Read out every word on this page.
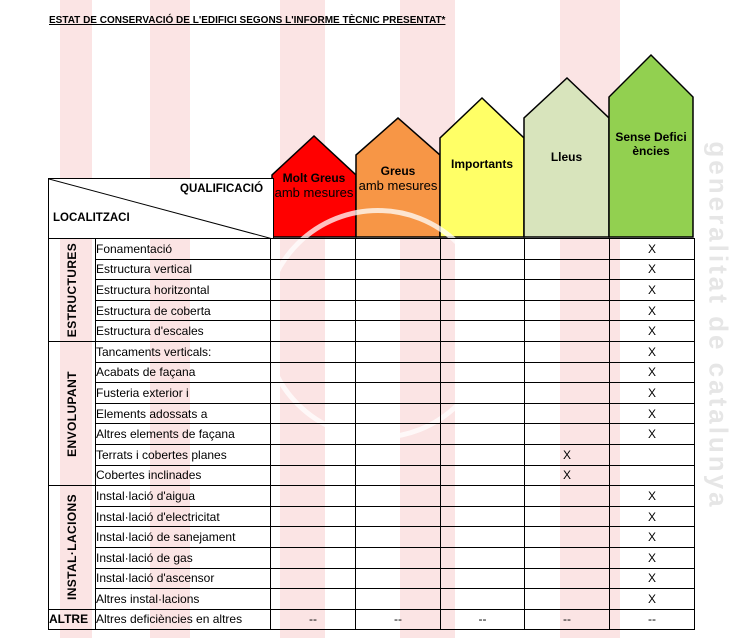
generalitat de catalunya
ESTAT DE CONSERVACIÓ DE L'EDIFICI SEGONS L'INFORME TÈCNIC PRESENTAT*
Molt Greus
amb mesures
Greus
amb mesures
Importants	Lleus
Sense Deficiències
QUALIFICACIÓ
LOCALITZACI
ESTRUCTURES	Fonamentació					X
	Estructura vertical					X
	Estructura horitzontal					X
	Estructura de coberta					X
	Estructura d'escales					X

ENVOLUPANT	Tancaments verticals:					X
	Acabats de façana					X
	Fusteria exterior i					X
	Elements adossats a					X
	Altres elements de façana					X
	Terrats i cobertes planes				X	
	Cobertes inclinades				X	

INSTAL·LACIONS	Instal·lació d'aigua					X
	Instal·lació d'electricitat					X
	Instal·lació de sanejament					X
	Instal·lació de gas					X
	Instal·lació d'ascensor					X
	Altres instal·lacions					X
ALTRE	Altres deficiències en altres	--	--	--	--	--
